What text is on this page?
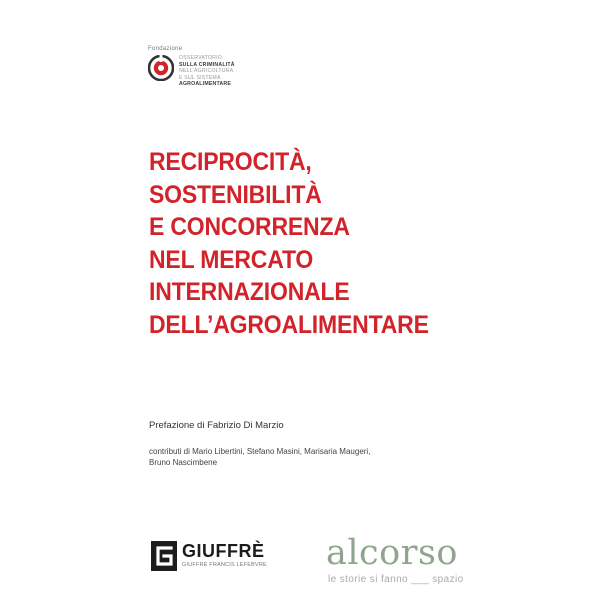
Fondazione
OSSERVATORIO
SULLA CRIMINALITÀ
NELL'AGRICOLTURA
E SUL SISTEMA
AGROALIMENTARE
RECIPROCITÀ,
SOSTENIBILITÀ
E CONCORRENZA
NEL MERCATO
INTERNAZIONALE
DELL’AGROALIMENTARE
Prefazione di Fabrizio Di Marzio
contributi di Mario Libertini, Stefano Masini, Marisaria Maugeri,
Bruno Nascimbene
GIUFFRÈ
GIUFFRÈ FRANCIS LEFEBVRE alcorso
le storie si fanno ___ spazio
